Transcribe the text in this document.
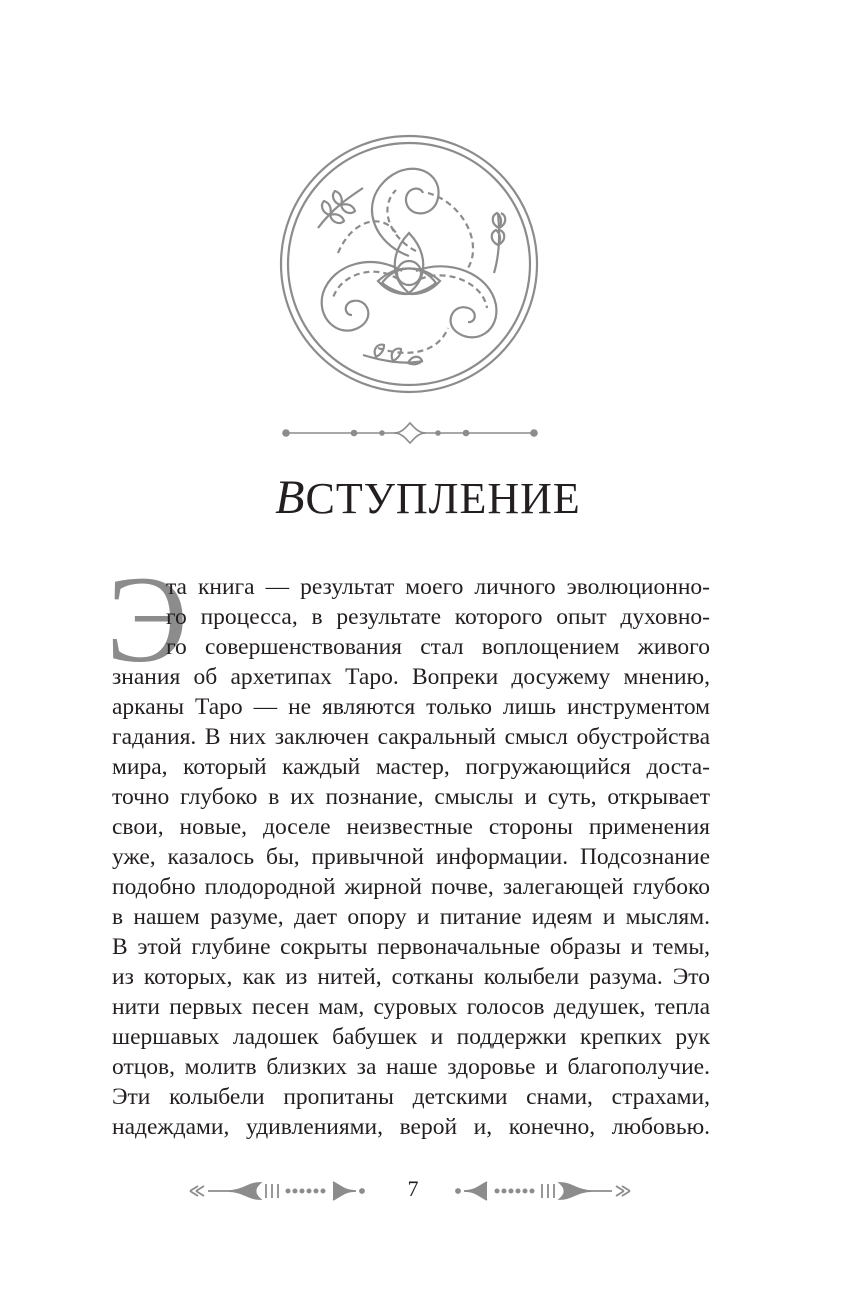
ВСТУПЛЕНИЕ
Э
та книга — результат моего личного эволюционно-
го процесса, в результате которого опыт духовно-
го совершенствования стал воплощением живого
знания об архетипах Таро. Вопреки досужему мнению,
арканы Таро — не являются только лишь инструментом
гадания. В них заключен сакральный смысл обустройства
мира, который каждый мастер, погружающийся доста-
точно глубоко в их познание, смыслы и суть, открывает
свои, новые, доселе неизвестные стороны применения
уже, казалось бы, привычной информации. Подсознание
подобно плодородной жирной почве, залегающей глубоко
в нашем разуме, дает опору и питание идеям и мыслям.
В этой глубине сокрыты первоначальные образы и темы,
из которых, как из нитей, сотканы колыбели разума. Это
нити первых песен мам, суровых голосов дедушек, тепла
шершавых ладошек бабушек и поддержки крепких рук
отцов, молитв близких за наше здоровье и благополучие.
Эти колыбели пропитаны детскими снами, страхами,
надеждами, удивлениями, верой и, конечно, любовью.
7
